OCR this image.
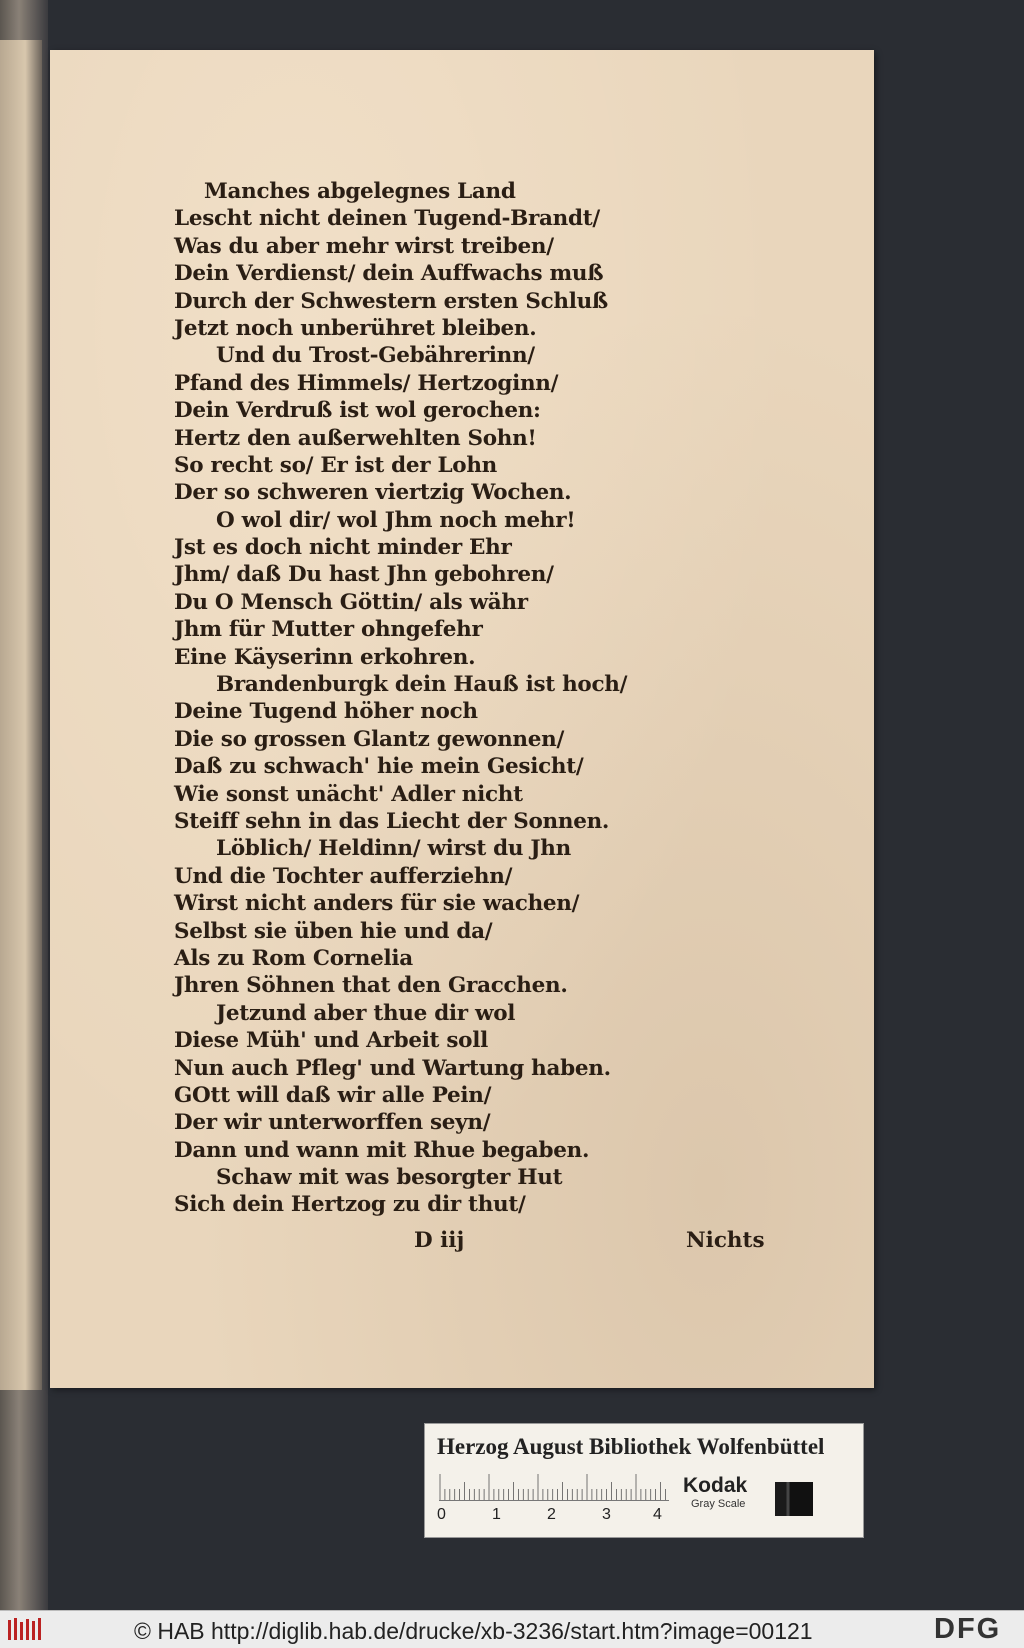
Manches abgelegnes Land
Lescht nicht deinen Tugend-Brandt/
Was du aber mehr wirst treiben/
Dein Verdienst/ dein Auffwachs muß
Durch der Schwestern ersten Schluß
Jetzt noch unberühret bleiben.
Und du Trost-Gebährerinn/
Pfand des Himmels/ Hertzoginn/
Dein Verdruß ist wol gerochen:
Hertz den außerwehlten Sohn!
So recht so/ Er ist der Lohn
Der so schweren viertzig Wochen.
O wol dir/ wol Jhm noch mehr!
Jst es doch nicht minder Ehr
Jhm/ daß Du hast Jhn gebohren/
Du O Mensch Göttin/ als währ
Jhm für Mutter ohngefehr
Eine Käyserinn erkohren.
Brandenburgk dein Hauß ist hoch/
Deine Tugend höher noch
Die so grossen Glantz gewonnen/
Daß zu schwach' hie mein Gesicht/
Wie sonst unächt' Adler nicht
Steiff sehn in das Liecht der Sonnen.
Löblich/ Heldinn/ wirst du Jhn
Und die Tochter aufferziehn/
Wirst nicht anders für sie wachen/
Selbst sie üben hie und da/
Als zu Rom Cornelia
Jhren Söhnen that den Gracchen.
Jetzund aber thue dir wol
Diese Müh' und Arbeit soll
Nun auch Pfleg' und Wartung haben.
GOtt will daß wir alle Pein/
Der wir unterworffen seyn/
Dann und wann mit Rhue begaben.
Schaw mit was besorgter Hut
Sich dein Hertzog zu dir thut/
D iij	Nichts
Herzog August Bibliothek Wolfenbüttel
0	1	2	3	4
Kodak
Gray Scale
© HAB http://diglib.hab.de/drucke/xb-3236/start.htm?image=00121	DFG
